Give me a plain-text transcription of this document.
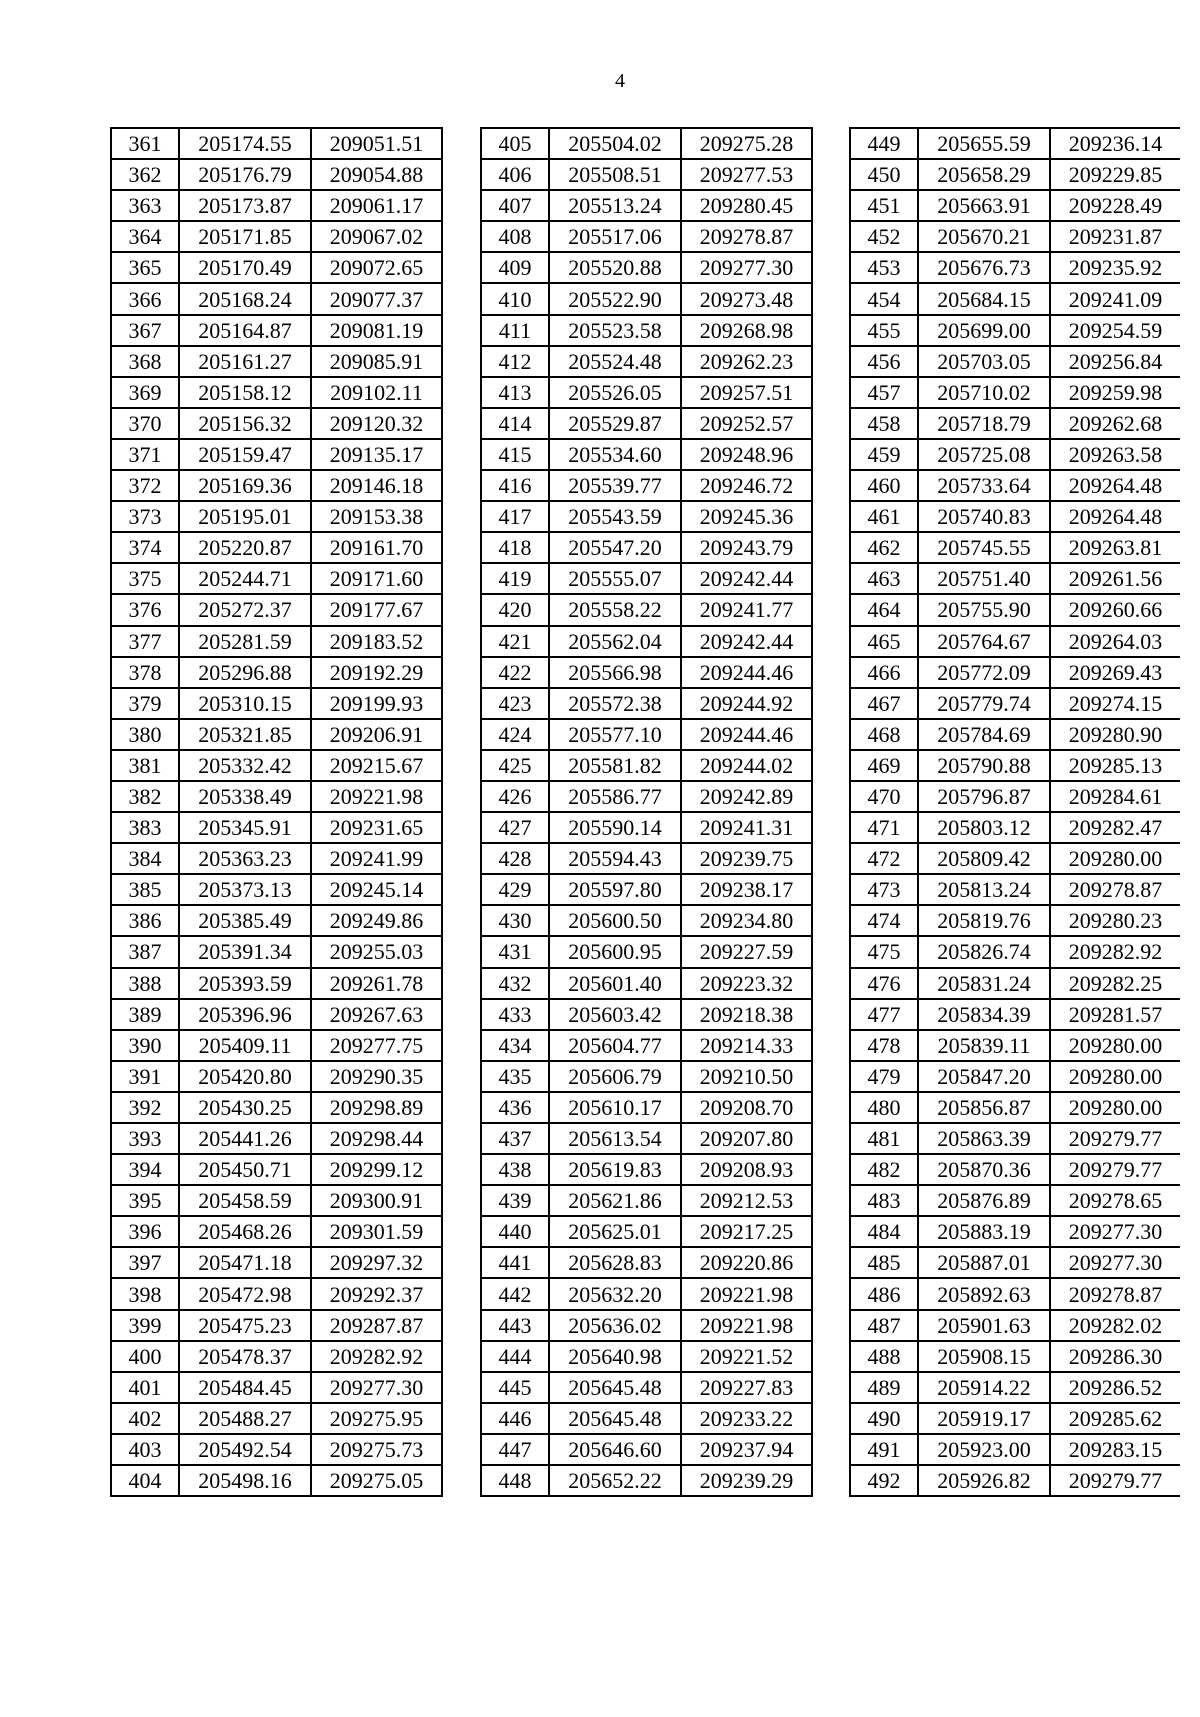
4
361	205174.55	209051.51
362	205176.79	209054.88
363	205173.87	209061.17
364	205171.85	209067.02
365	205170.49	209072.65
366	205168.24	209077.37
367	205164.87	209081.19
368	205161.27	209085.91
369	205158.12	209102.11
370	205156.32	209120.32
371	205159.47	209135.17
372	205169.36	209146.18
373	205195.01	209153.38
374	205220.87	209161.70
375	205244.71	209171.60
376	205272.37	209177.67
377	205281.59	209183.52
378	205296.88	209192.29
379	205310.15	209199.93
380	205321.85	209206.91
381	205332.42	209215.67
382	205338.49	209221.98
383	205345.91	209231.65
384	205363.23	209241.99
385	205373.13	209245.14
386	205385.49	209249.86
387	205391.34	209255.03
388	205393.59	209261.78
389	205396.96	209267.63
390	205409.11	209277.75
391	205420.80	209290.35
392	205430.25	209298.89
393	205441.26	209298.44
394	205450.71	209299.12
395	205458.59	209300.91
396	205468.26	209301.59
397	205471.18	209297.32
398	205472.98	209292.37
399	205475.23	209287.87
400	205478.37	209282.92
401	205484.45	209277.30
402	205488.27	209275.95
403	205492.54	209275.73
404	205498.16	209275.05
405	205504.02	209275.28
406	205508.51	209277.53
407	205513.24	209280.45
408	205517.06	209278.87
409	205520.88	209277.30
410	205522.90	209273.48
411	205523.58	209268.98
412	205524.48	209262.23
413	205526.05	209257.51
414	205529.87	209252.57
415	205534.60	209248.96
416	205539.77	209246.72
417	205543.59	209245.36
418	205547.20	209243.79
419	205555.07	209242.44
420	205558.22	209241.77
421	205562.04	209242.44
422	205566.98	209244.46
423	205572.38	209244.92
424	205577.10	209244.46
425	205581.82	209244.02
426	205586.77	209242.89
427	205590.14	209241.31
428	205594.43	209239.75
429	205597.80	209238.17
430	205600.50	209234.80
431	205600.95	209227.59
432	205601.40	209223.32
433	205603.42	209218.38
434	205604.77	209214.33
435	205606.79	209210.50
436	205610.17	209208.70
437	205613.54	209207.80
438	205619.83	209208.93
439	205621.86	209212.53
440	205625.01	209217.25
441	205628.83	209220.86
442	205632.20	209221.98
443	205636.02	209221.98
444	205640.98	209221.52
445	205645.48	209227.83
446	205645.48	209233.22
447	205646.60	209237.94
448	205652.22	209239.29
449	205655.59	209236.14
450	205658.29	209229.85
451	205663.91	209228.49
452	205670.21	209231.87
453	205676.73	209235.92
454	205684.15	209241.09
455	205699.00	209254.59
456	205703.05	209256.84
457	205710.02	209259.98
458	205718.79	209262.68
459	205725.08	209263.58
460	205733.64	209264.48
461	205740.83	209264.48
462	205745.55	209263.81
463	205751.40	209261.56
464	205755.90	209260.66
465	205764.67	209264.03
466	205772.09	209269.43
467	205779.74	209274.15
468	205784.69	209280.90
469	205790.88	209285.13
470	205796.87	209284.61
471	205803.12	209282.47
472	205809.42	209280.00
473	205813.24	209278.87
474	205819.76	209280.23
475	205826.74	209282.92
476	205831.24	209282.25
477	205834.39	209281.57
478	205839.11	209280.00
479	205847.20	209280.00
480	205856.87	209280.00
481	205863.39	209279.77
482	205870.36	209279.77
483	205876.89	209278.65
484	205883.19	209277.30
485	205887.01	209277.30
486	205892.63	209278.87
487	205901.63	209282.02
488	205908.15	209286.30
489	205914.22	209286.52
490	205919.17	209285.62
491	205923.00	209283.15
492	205926.82	209279.77
